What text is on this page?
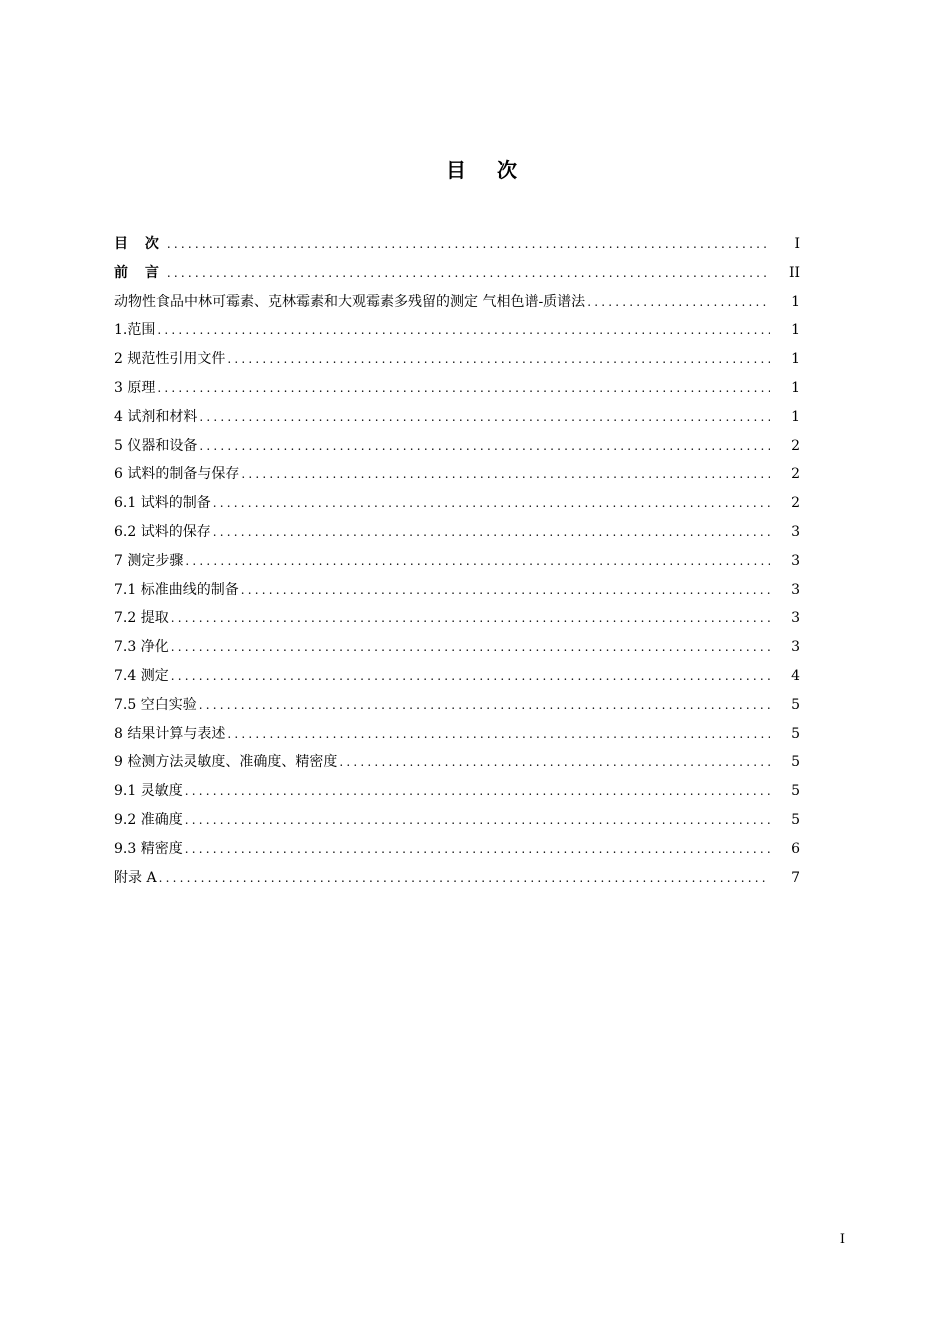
目 次
目 次 .....	I
前 言 .....	II
动物性食品中林可霉素、克林霉素和大观霉素多残留的测定 气相色谱-质谱法 .....	1
1.范围 .....	1
2 规范性引用文件 .....	1
3 原理 .....	1
4 试剂和材料 .....	1
5 仪器和设备 .....	2
6 试料的制备与保存 .....	2
6.1 试料的制备 .....	2
6.2 试料的保存 .....	3
7 测定步骤 .....	3
7.1 标准曲线的制备 .....	3
7.2 提取 .....	3
7.3 净化 .....	3
7.4 测定 .....	4
7.5 空白实验 .....	5
8 结果计算与表述 .....	5
9 检测方法灵敏度、准确度、精密度 .....	5
9.1 灵敏度 .....	5
9.2 准确度 .....	5
9.3 精密度 .....	6
附录 A .....	7
I
